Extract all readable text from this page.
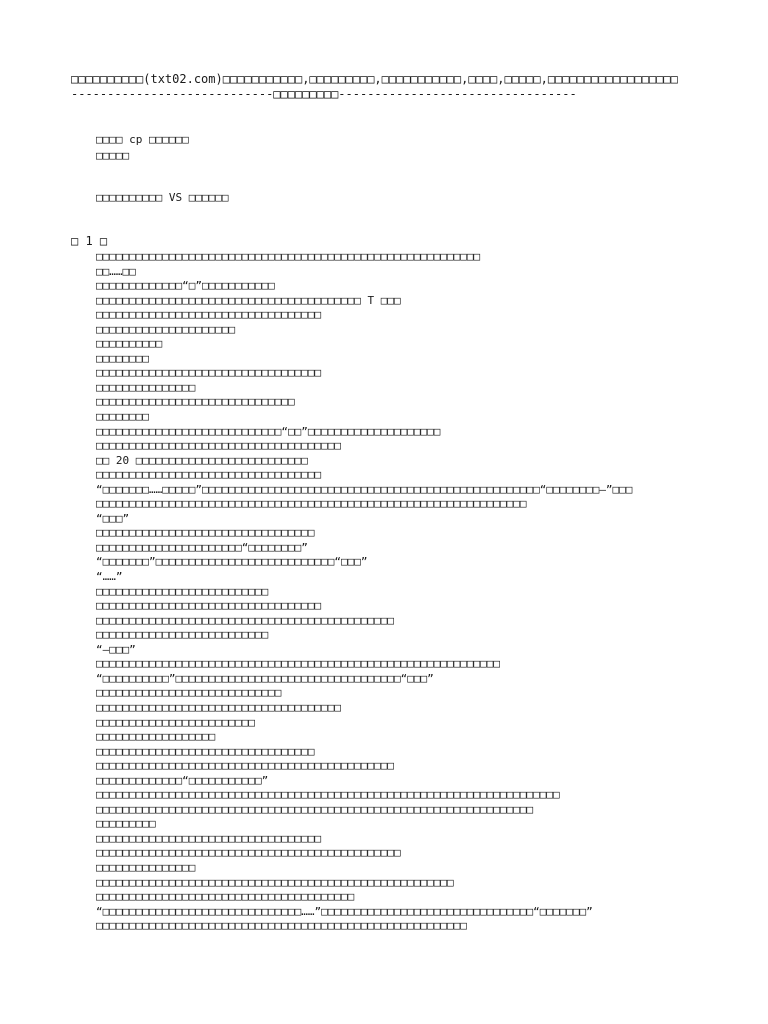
□□□□□□□□□□(txt02.com)□□□□□□□□□□□,□□□□□□□□□,□□□□□□□□□□□,□□□□,□□□□□,□□□□□□□□□□□□□□□□□□
----------------------------□□□□□□□□□---------------------------------
□□□□ cp □□□□□□
□□□□□
□□□□□□□□□□ VS □□□□□□
□ 1 □
□□□□□□□□□□□□□□□□□□□□□□□□□□□□□□□□□□□□□□□□□□□□□□□□□□□□□□□□□□
□□……□□
□□□□□□□□□□□□□“□”□□□□□□□□□□□
□□□□□□□□□□□□□□□□□□□□□□□□□□□□□□□□□□□□□□□□ T □□□
□□□□□□□□□□□□□□□□□□□□□□□□□□□□□□□□□□
□□□□□□□□□□□□□□□□□□□□□
□□□□□□□□□□
□□□□□□□□
□□□□□□□□□□□□□□□□□□□□□□□□□□□□□□□□□□
□□□□□□□□□□□□□□□
□□□□□□□□□□□□□□□□□□□□□□□□□□□□□□
□□□□□□□□
□□□□□□□□□□□□□□□□□□□□□□□□□□□□“□□”□□□□□□□□□□□□□□□□□□□□
□□□□□□□□□□□□□□□□□□□□□□□□□□□□□□□□□□□□□
□□ 20 □□□□□□□□□□□□□□□□□□□□□□□□□□
□□□□□□□□□□□□□□□□□□□□□□□□□□□□□□□□□□
“□□□□□□□……□□□□□”□□□□□□□□□□□□□□□□□□□□□□□□□□□□□□□□□□□□□□□□□□□□□□□□□□□“□□□□□□□□—”□□□
□□□□□□□□□□□□□□□□□□□□□□□□□□□□□□□□□□□□□□□□□□□□□□□□□□□□□□□□□□□□□□□□□
“□□□”
□□□□□□□□□□□□□□□□□□□□□□□□□□□□□□□□□
□□□□□□□□□□□□□□□□□□□□□□“□□□□□□□□”
“□□□□□□□”□□□□□□□□□□□□□□□□□□□□□□□□□□□“□□□”
“……”
□□□□□□□□□□□□□□□□□□□□□□□□□□
□□□□□□□□□□□□□□□□□□□□□□□□□□□□□□□□□□
□□□□□□□□□□□□□□□□□□□□□□□□□□□□□□□□□□□□□□□□□□□□□
□□□□□□□□□□□□□□□□□□□□□□□□□□
“—□□□”
□□□□□□□□□□□□□□□□□□□□□□□□□□□□□□□□□□□□□□□□□□□□□□□□□□□□□□□□□□□□□
“□□□□□□□□□□”□□□□□□□□□□□□□□□□□□□□□□□□□□□□□□□□□□“□□□”
□□□□□□□□□□□□□□□□□□□□□□□□□□□□
□□□□□□□□□□□□□□□□□□□□□□□□□□□□□□□□□□□□□
□□□□□□□□□□□□□□□□□□□□□□□□
□□□□□□□□□□□□□□□□□□
□□□□□□□□□□□□□□□□□□□□□□□□□□□□□□□□□
□□□□□□□□□□□□□□□□□□□□□□□□□□□□□□□□□□□□□□□□□□□□□
□□□□□□□□□□□□□“□□□□□□□□□□□”
□□□□□□□□□□□□□□□□□□□□□□□□□□□□□□□□□□□□□□□□□□□□□□□□□□□□□□□□□□□□□□□□□□□□□□
□□□□□□□□□□□□□□□□□□□□□□□□□□□□□□□□□□□□□□□□□□□□□□□□□□□□□□□□□□□□□□□□□□
□□□□□□□□□
□□□□□□□□□□□□□□□□□□□□□□□□□□□□□□□□□□
□□□□□□□□□□□□□□□□□□□□□□□□□□□□□□□□□□□□□□□□□□□□□□
□□□□□□□□□□□□□□□
□□□□□□□□□□□□□□□□□□□□□□□□□□□□□□□□□□□□□□□□□□□□□□□□□□□□□□
□□□□□□□□□□□□□□□□□□□□□□□□□□□□□□□□□□□□□□□
“□□□□□□□□□□□□□□□□□□□□□□□□□□□□□□……”□□□□□□□□□□□□□□□□□□□□□□□□□□□□□□□□“□□□□□□□”
□□□□□□□□□□□□□□□□□□□□□□□□□□□□□□□□□□□□□□□□□□□□□□□□□□□□□□□□
